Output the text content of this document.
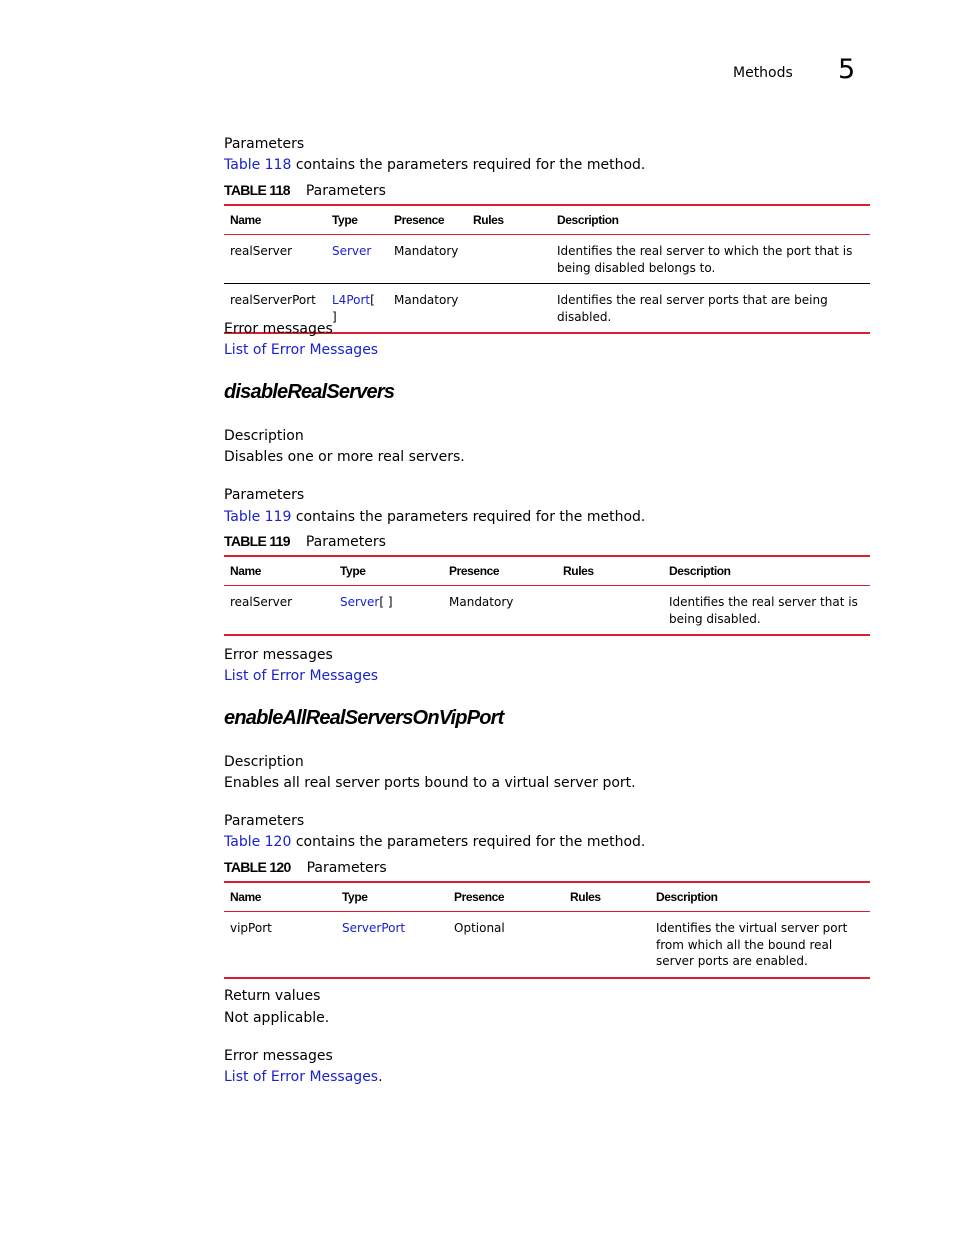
Methods 5
Parameters
Table 118 contains the parameters required for the method.
TABLE 118 Parameters
Name	Type	Presence	Rules	Description
realServer	Server	Mandatory		Identifies the real server to which the port that is being disabled belongs to.
realServerPort	L4Port[ ]	Mandatory		Identifies the real server ports that are being disabled.
Error messages
List of Error Messages
disableRealServers
Description
Disables one or more real servers.
Parameters
Table 119 contains the parameters required for the method.
TABLE 119 Parameters
Name	Type	Presence	Rules	Description
realServer	Server[ ]	Mandatory		Identifies the real server that is being disabled.
Error messages
List of Error Messages
enableAllRealServersOnVipPort
Description
Enables all real server ports bound to a virtual server port.
Parameters
Table 120 contains the parameters required for the method.
TABLE 120 Parameters
Name	Type	Presence	Rules	Description
vipPort	ServerPort	Optional		Identifies the virtual server port from which all the bound real server ports are enabled.
Return values
Not applicable.
Error messages
List of Error Messages.
